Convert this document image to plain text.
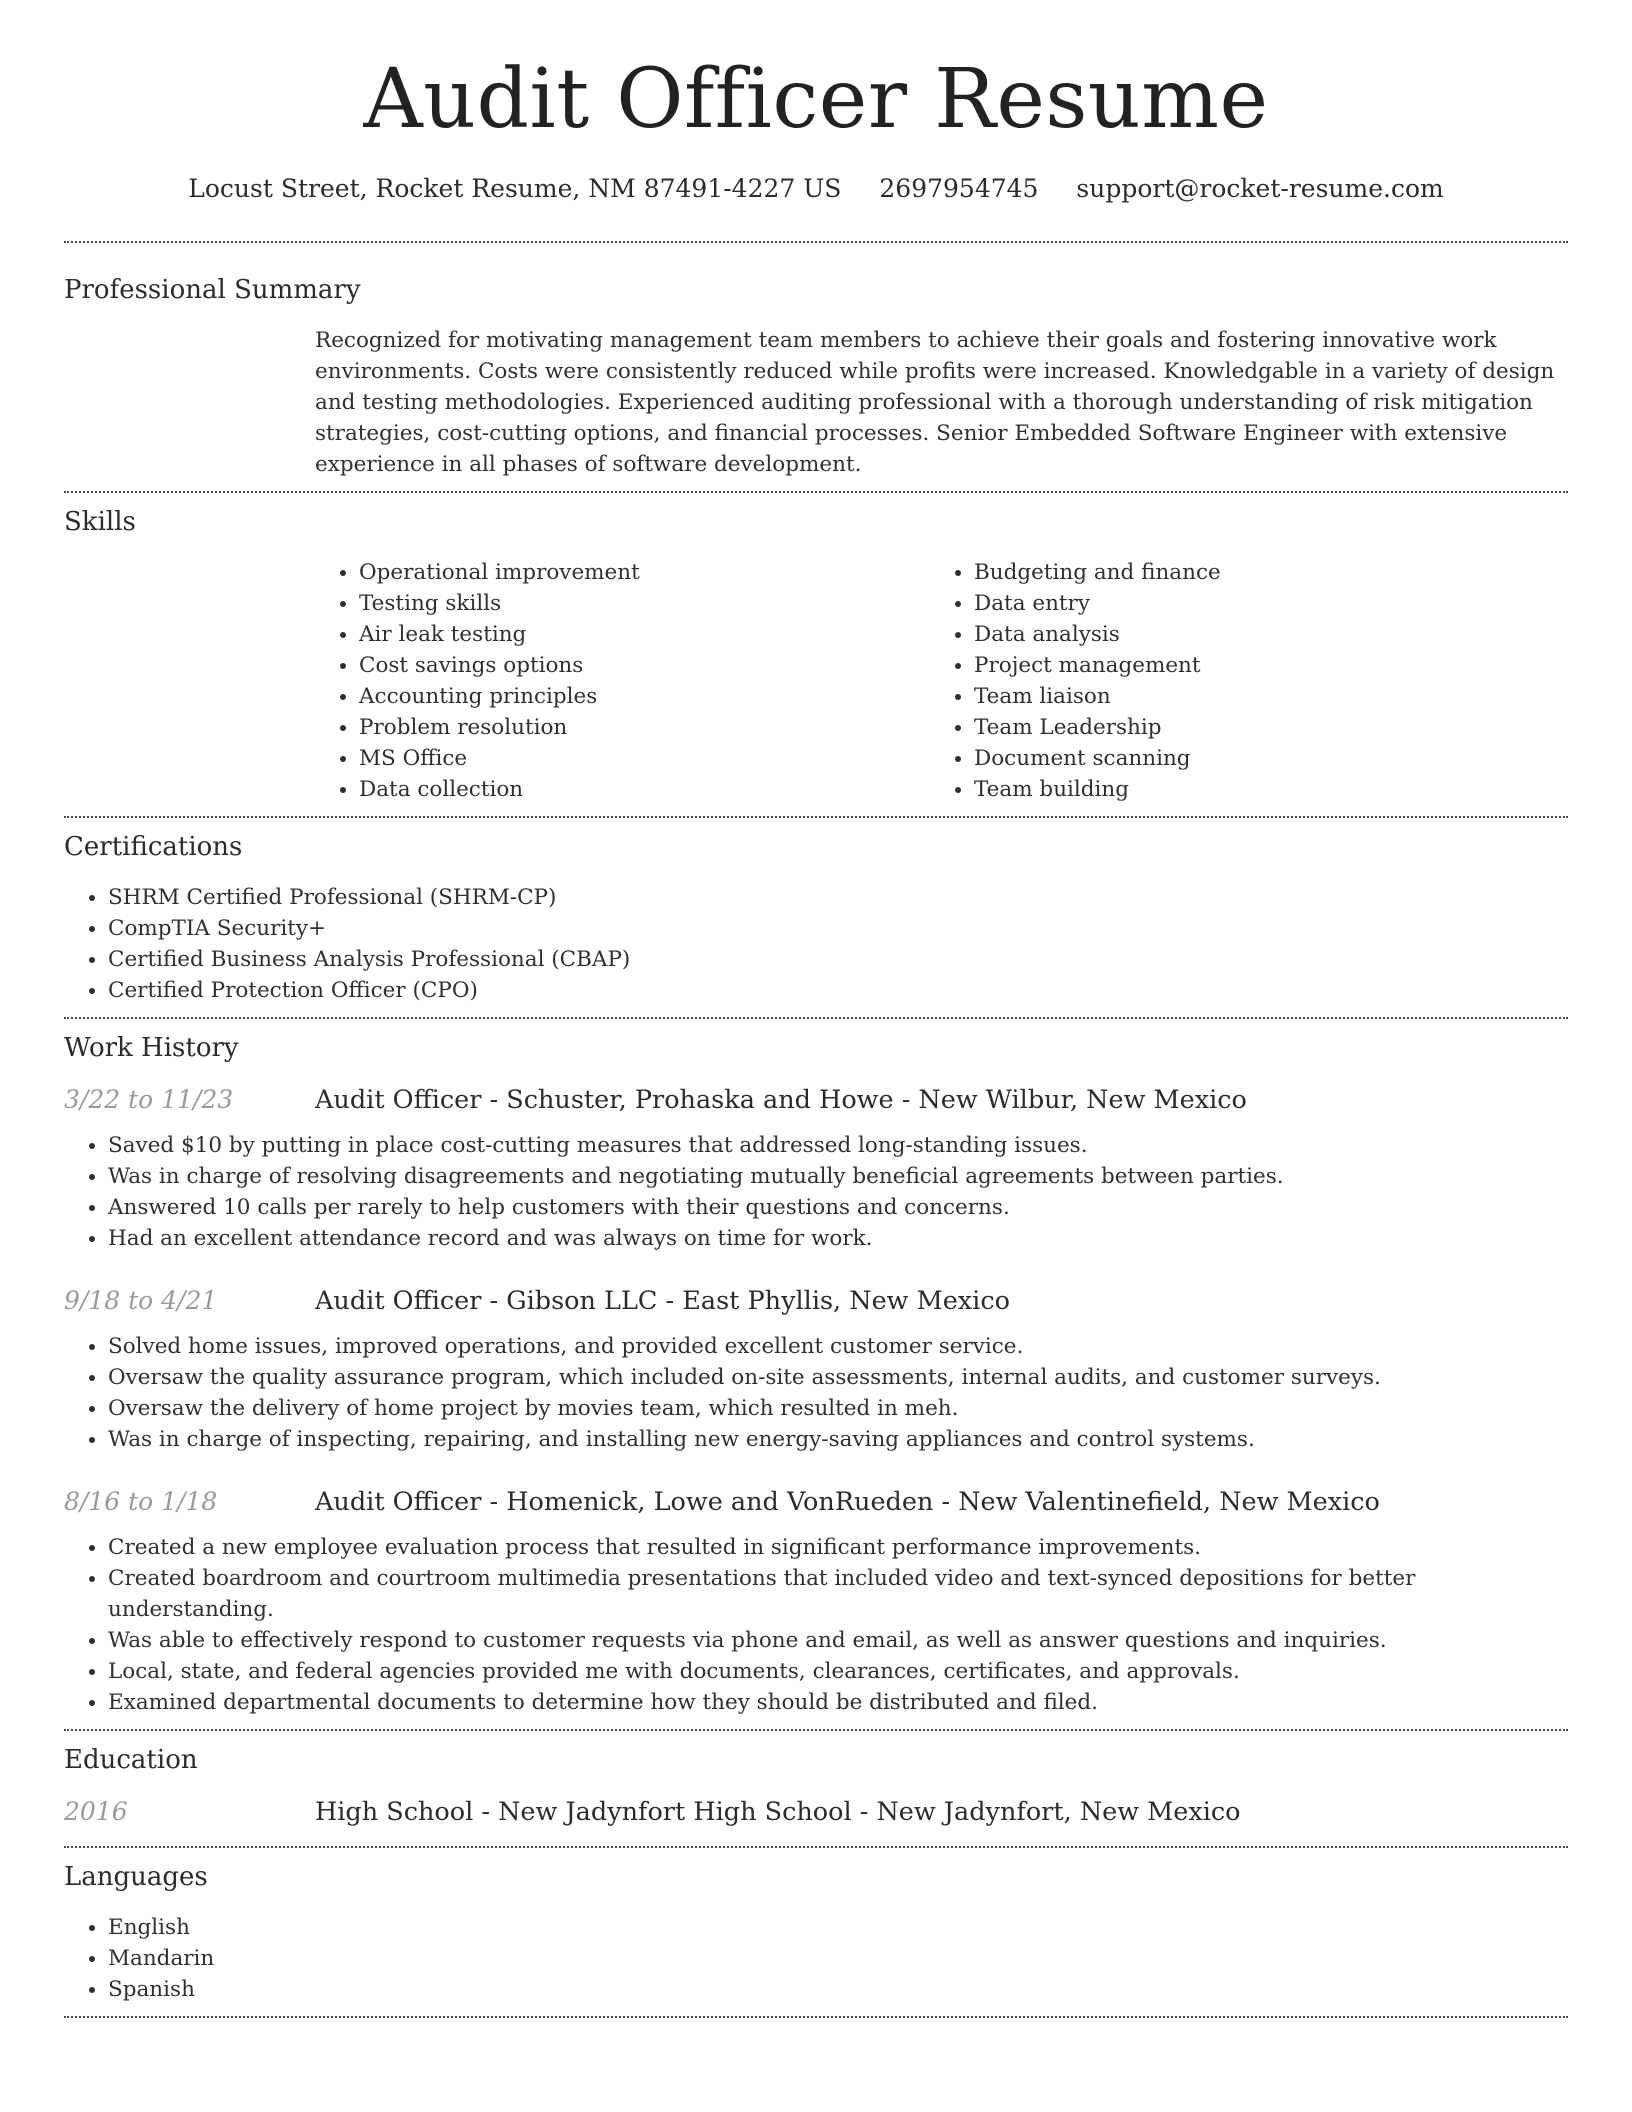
Audit Officer Resume
Locust Street, Rocket Resume, NM 87491-4227 US 2697954745 support@rocket-resume.com
Professional Summary
Recognized for motivating management team members to achieve their goals and fostering innovative work environments. Costs were consistently reduced while profits were increased. Knowledgable in a variety of design and testing methodologies. Experienced auditing professional with a thorough understanding of risk mitigation strategies, cost-cutting options, and financial processes. Senior Embedded Software Engineer with extensive experience in all phases of software development.
Skills
• Operational improvement
• Testing skills
• Air leak testing
• Cost savings options
• Accounting principles
• Problem resolution
• MS Office
• Data collection
• Budgeting and finance
• Data entry
• Data analysis
• Project management
• Team liaison
• Team Leadership
• Document scanning
• Team building
Certifications
• SHRM Certified Professional (SHRM-CP)
• CompTIA Security+
• Certified Business Analysis Professional (CBAP)
• Certified Protection Officer (CPO)
Work History
3/22 to 11/23	Audit Officer - Schuster, Prohaska and Howe - New Wilbur, New Mexico
• Saved $10 by putting in place cost-cutting measures that addressed long-standing issues.
• Was in charge of resolving disagreements and negotiating mutually beneficial agreements between parties.
• Answered 10 calls per rarely to help customers with their questions and concerns.
• Had an excellent attendance record and was always on time for work.
9/18 to 4/21	Audit Officer - Gibson LLC - East Phyllis, New Mexico
• Solved home issues, improved operations, and provided excellent customer service.
• Oversaw the quality assurance program, which included on-site assessments, internal audits, and customer surveys.
• Oversaw the delivery of home project by movies team, which resulted in meh.
• Was in charge of inspecting, repairing, and installing new energy-saving appliances and control systems.
8/16 to 1/18	Audit Officer - Homenick, Lowe and VonRueden - New Valentinefield, New Mexico
• Created a new employee evaluation process that resulted in significant performance improvements.
• Created boardroom and courtroom multimedia presentations that included video and text-synced depositions for better understanding.
• Was able to effectively respond to customer requests via phone and email, as well as answer questions and inquiries.
• Local, state, and federal agencies provided me with documents, clearances, certificates, and approvals.
• Examined departmental documents to determine how they should be distributed and filed.
Education
2016	High School - New Jadynfort High School - New Jadynfort, New Mexico
Languages
• English
• Mandarin
• Spanish
